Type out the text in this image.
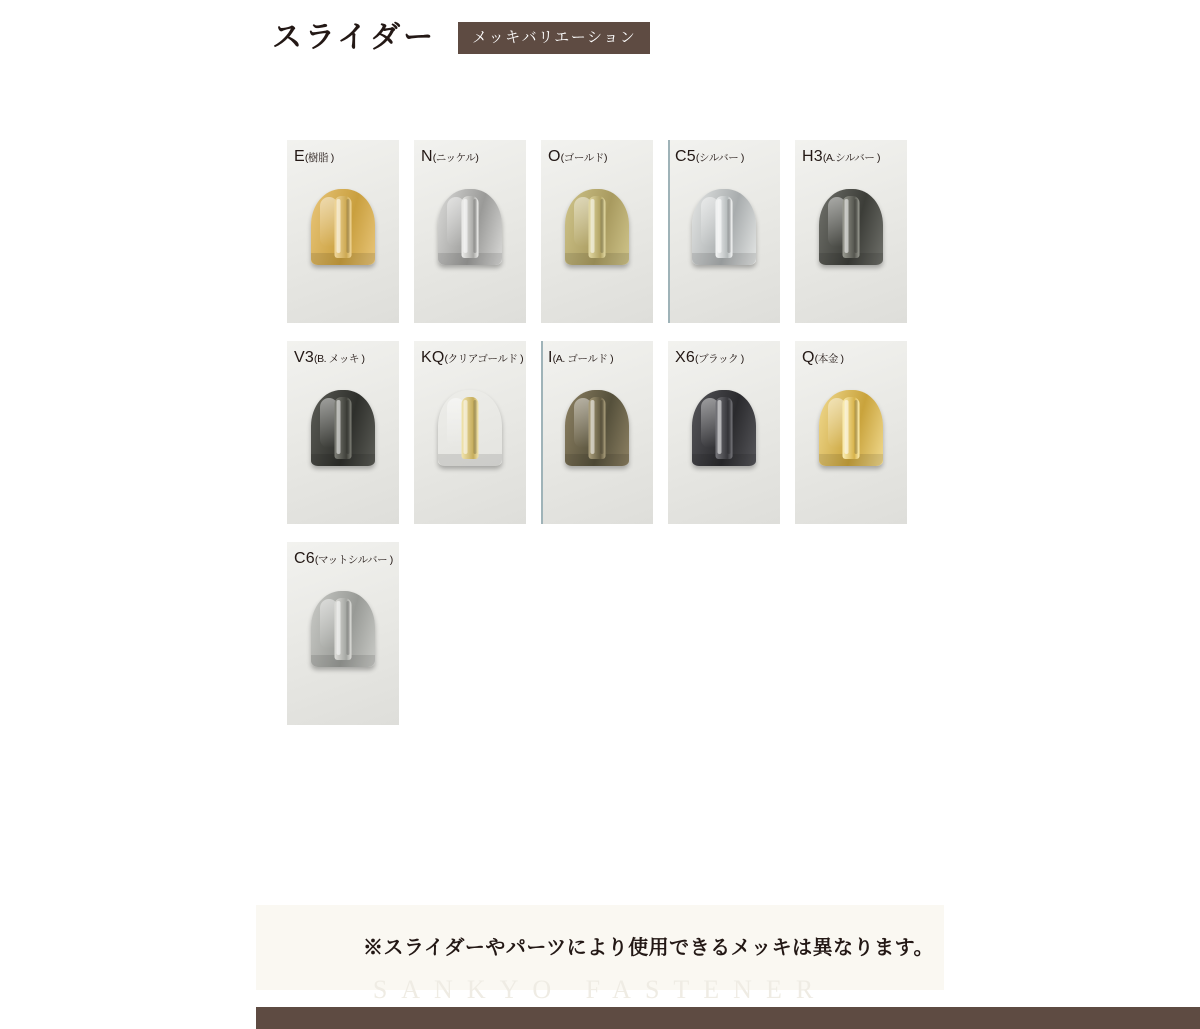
スライダー	メッキバリエーション
E(樹脂 )	N(ニッケル)	O(ゴールド)	C5(シルバー )	H3(A.シルバー )
V3(B. メッキ )	KQ(クリアゴールド ) I(A. ゴールド )	X6(ブラック )	Q(本金 )
C6(マットシルバー )
※スライダーやパーツにより使用できるメッキは異なります。
SANKYO FASTENER
